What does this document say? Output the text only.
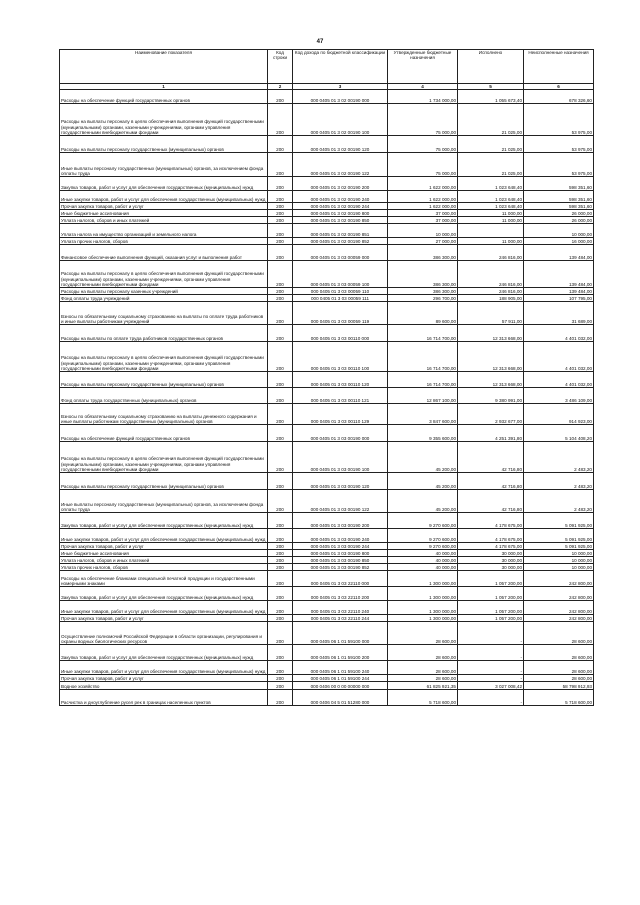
47
Наименование показателя	Код строки	Код дохода по бюджетной классификации	Утвержденные бюджетные назначения	Исполнено	Неисполненные назначения
1	2	3	4	5	6
Расходы на обеспечение функций государственных органов	200	000 0405 01 3 02 00190 000	1 734 000,00	1 055 673,40	678 326,60
Расходы на выплаты персоналу в целях обеспечения выполнения функций государственными (муниципальными) органами, казенными учреждениями, органами управления государственными внебюджетными фондами	200	000 0405 01 3 02 00190 100	75 000,00	21 025,00	53 975,00
Расходы на выплаты персоналу государственных (муниципальных) органов	200	000 0405 01 3 02 00190 120	75 000,00	21 025,00	53 975,00
Иные выплаты персоналу государственных (муниципальных) органов, за исключением фонда оплаты труда	200	000 0405 01 3 02 00190 122	75 000,00	21 025,00	53 975,00
Закупка товаров, работ и услуг для обеспечения государственных (муниципальных) нужд	200	000 0405 01 3 02 00190 200	1 622 000,00	1 023 648,40	598 351,60
Иные закупки товаров, работ и услуг для обеспечения государственных (муниципальных) нужд	200	000 0405 01 3 02 00190 240	1 622 000,00	1 023 648,40	598 351,60
Прочая закупка товаров, работ и услуг	200	000 0405 01 3 02 00190 244	1 622 000,00	1 023 648,40	598 351,60
Иные бюджетные ассигнования	200	000 0405 01 3 02 00190 800	37 000,00	11 000,00	26 000,00
Уплата налогов, сборов и иных платежей	200	000 0405 01 3 02 00190 850	37 000,00	11 000,00	26 000,00
Уплата налога на имущество организаций и земельного налога	200	000 0405 01 3 02 00190 851	10 000,00		10 000,00
Уплата прочих налогов, сборов	200	000 0405 01 3 02 00190 852	27 000,00	11 000,00	16 000,00
Финансовое обеспечение выполнения функций, оказания услуг и выполнения работ	200	000 0405 01 3 03 00059 000	386 300,00	246 816,00	139 484,00
Расходы на выплаты персоналу в целях обеспечения выполнения функций государственными (муниципальными) органами, казенными учреждениями, органами управления государственными внебюджетными фондами	200	000 0405 01 3 03 00059 100	386 300,00	246 816,00	139 484,00
Расходы на выплаты персоналу казенных учреждений	200	000 0405 01 3 03 00059 110	386 300,00	246 816,00	139 484,00
Фонд оплаты труда учреждений	200	000 0405 01 3 03 00059 111	296 700,00	188 905,00	107 795,00
Взносы по обязательному социальному страхованию на выплаты по оплате труда работников и иные выплаты работникам учреждений	200	000 0405 01 3 03 00059 119	89 600,00	57 911,00	31 689,00
Расходы на выплаты по оплате труда работников государственных органов	200	000 0405 01 3 03 00110 000	16 714 700,00	12 313 668,00	4 401 032,00
Расходы на выплаты персоналу в целях обеспечения выполнения функций государственными (муниципальными) органами, казенными учреждениями, органами управления государственными внебюджетными фондами	200	000 0405 01 3 03 00110 100	16 714 700,00	12 313 668,00	4 401 032,00
Расходы на выплаты персоналу государственных (муниципальных) органов	200	000 0405 01 3 03 00110 120	16 714 700,00	12 313 668,00	4 401 032,00
Фонд оплаты труда государственных (муниципальных) органов	200	000 0405 01 3 03 00110 121	12 867 100,00	9 380 991,00	3 486 109,00
Взносы по обязательному социальному страхованию на выплаты денежного содержания и иные выплаты работникам государственных (муниципальных) органов	200	000 0405 01 3 03 00110 129	3 847 600,00	2 932 677,00	914 923,00
Расходы на обеспечение функций государственных органов	200	000 0405 01 3 03 00190 000	9 355 600,00	4 251 391,80	5 104 408,20
Расходы на выплаты персоналу в целях обеспечения выполнения функций государственными (муниципальными) органами, казенными учреждениями, органами управления государственными внебюджетными фондами	200	000 0405 01 3 03 00190 100	45 200,00	42 716,80	2 483,20
Расходы на выплаты персоналу государственных (муниципальных) органов	200	000 0405 01 3 03 00190 120	45 200,00	42 716,80	2 483,20
Иные выплаты персоналу государственных (муниципальных) органов, за исключением фонда оплаты труда	200	000 0405 01 3 03 00190 122	45 200,00	42 716,80	2 483,20
Закупка товаров, работ и услуг для обеспечения государственных (муниципальных) нужд	200	000 0405 01 3 03 00190 200	9 270 600,00	4 178 675,00	5 091 925,00
Иные закупки товаров, работ и услуг для обеспечения государственных (муниципальных) нужд	200	000 0405 01 3 03 00190 240	9 270 600,00	4 178 675,00	5 091 925,00
Прочая закупка товаров, работ и услуг	200	000 0405 01 3 03 00190 244	9 270 600,00	4 178 675,00	5 091 925,00
Иные бюджетные ассигнования	200	000 0405 01 3 03 00190 800	40 000,00	30 000,00	10 000,00
Уплата налогов, сборов и иных платежей	200	000 0405 01 3 03 00190 850	40 000,00	30 000,00	10 000,00
Уплата прочих налогов, сборов	200	000 0405 01 3 03 00190 852	40 000,00	30 000,00	10 000,00
Расходы на обеспечение бланками специальной печатной продукции и государственными номерными знаками	200	000 0405 01 3 03 22110 000	1 300 000,00	1 057 200,00	242 800,00
Закупка товаров, работ и услуг для обеспечения государственных (муниципальных) нужд	200	000 0405 01 3 03 22110 200	1 300 000,00	1 057 200,00	242 800,00
Иные закупки товаров, работ и услуг для обеспечения государственных (муниципальных) нужд	200	000 0405 01 3 03 22110 240	1 300 000,00	1 057 200,00	242 800,00
Прочая закупка товаров, работ и услуг	200	000 0405 01 3 03 22110 244	1 300 000,00	1 057 200,00	242 800,00
Осуществление полномочий Российской Федерации в области организации, регулирования и охраны водных биологических ресурсов	200	000 0405 06 1 01 59100 000	28 600,00	-	28 600,00
Закупка товаров, работ и услуг для обеспечения государственных (муниципальных) нужд	200	000 0405 06 1 01 59100 200	28 600,00	-	28 600,00
Иные закупки товаров, работ и услуг для обеспечения государственных (муниципальных) нужд	200	000 0405 06 1 01 59100 240	28 600,00	-	28 600,00
Прочая закупка товаров, работ и услуг	200	000 0405 06 1 01 59100 244	28 600,00	-	28 600,00
Водное хозяйство	200	000 0406 00 0 00 00000 000	61 825 921,35	3 027 008,42	58 798 912,93
Расчистка и дноуглубление русел рек в границах населенных пунктов	200	000 0406 04 5 01 51280 000	5 718 600,00	-	5 718 600,00
